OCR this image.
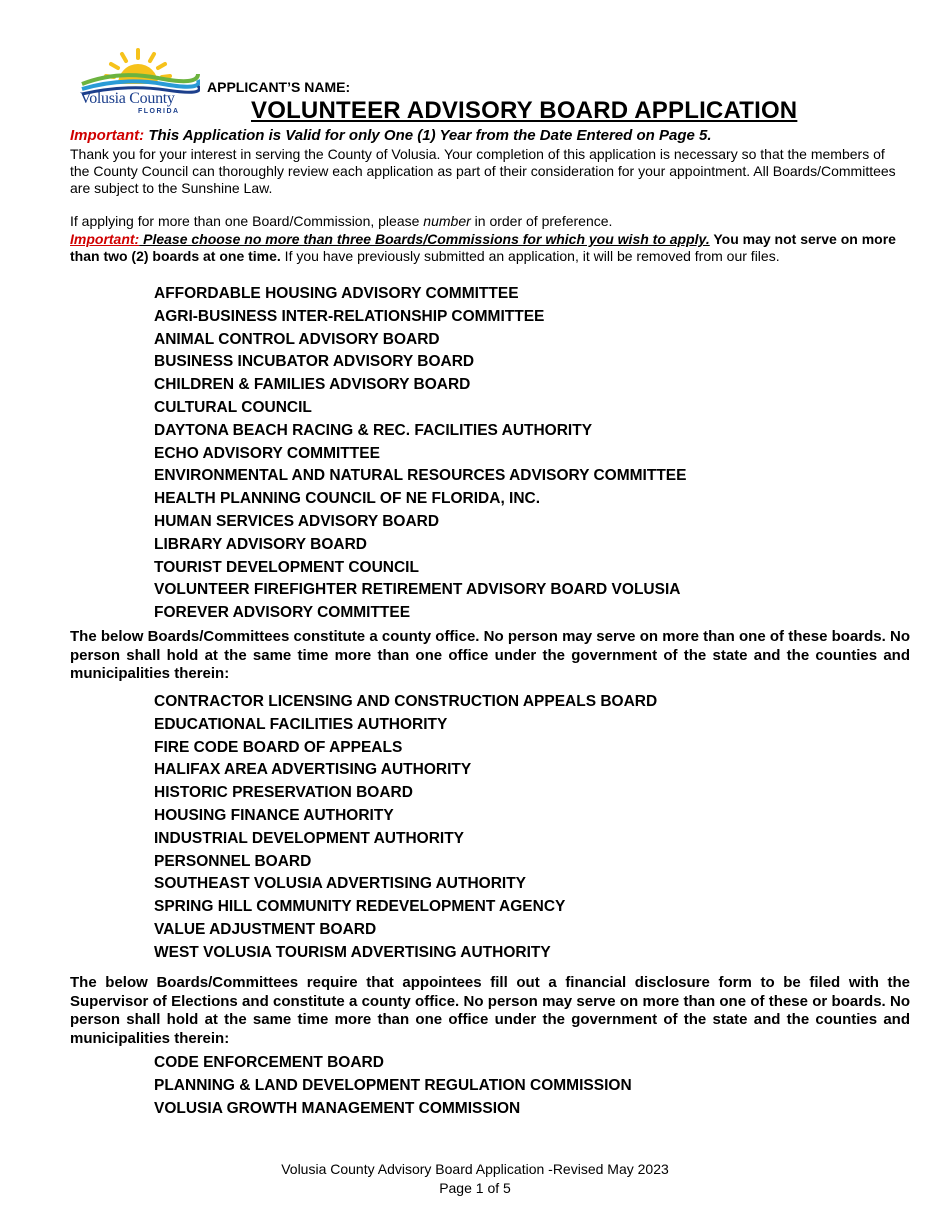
Volusia County
FLORIDA
APPLICANT’S NAME:
VOLUNTEER ADVISORY BOARD APPLICATION
Important: This Application is Valid for only One (1) Year from the Date Entered on Page 5.
Thank you for your interest in serving the County of Volusia. Your completion of this application is necessary so that the members of the County Council can thoroughly review each application as part of their consideration for your appointment. All Boards/Committees are subject to the Sunshine Law.
If applying for more than one Board/Commission, please number in order of preference.
Important: Please choose no more than three Boards/Commissions for which you wish to apply. You may not serve on more than two (2) boards at one time. If you have previously submitted an application, it will be removed from our files.
AFFORDABLE HOUSING ADVISORY COMMITTEE
AGRI-BUSINESS INTER-RELATIONSHIP COMMITTEE
ANIMAL CONTROL ADVISORY BOARD
BUSINESS INCUBATOR ADVISORY BOARD
CHILDREN & FAMILIES ADVISORY BOARD
CULTURAL COUNCIL
DAYTONA BEACH RACING & REC. FACILITIES AUTHORITY
ECHO ADVISORY COMMITTEE
ENVIRONMENTAL AND NATURAL RESOURCES ADVISORY COMMITTEE
HEALTH PLANNING COUNCIL OF NE FLORIDA, INC.
HUMAN SERVICES ADVISORY BOARD
LIBRARY ADVISORY BOARD
TOURIST DEVELOPMENT COUNCIL
VOLUNTEER FIREFIGHTER RETIREMENT ADVISORY BOARD VOLUSIA
FOREVER ADVISORY COMMITTEE
The below Boards/Committees constitute a county office. No person may serve on more than one of these boards. No person shall hold at the same time more than one office under the government of the state and the counties and municipalities therein:
CONTRACTOR LICENSING AND CONSTRUCTION APPEALS BOARD
EDUCATIONAL FACILITIES AUTHORITY
FIRE CODE BOARD OF APPEALS
HALIFAX AREA ADVERTISING AUTHORITY
HISTORIC PRESERVATION BOARD
HOUSING FINANCE AUTHORITY
INDUSTRIAL DEVELOPMENT AUTHORITY
PERSONNEL BOARD
SOUTHEAST VOLUSIA ADVERTISING AUTHORITY
SPRING HILL COMMUNITY REDEVELOPMENT AGENCY
VALUE ADJUSTMENT BOARD
WEST VOLUSIA TOURISM ADVERTISING AUTHORITY
The below Boards/Committees require that appointees fill out a financial disclosure form to be filed with the Supervisor of Elections and constitute a county office. No person may serve on more than one of these or boards. No person shall hold at the same time more than one office under the government of the state and the counties and municipalities therein:
CODE ENFORCEMENT BOARD
PLANNING & LAND DEVELOPMENT REGULATION COMMISSION
VOLUSIA GROWTH MANAGEMENT COMMISSION
Volusia County Advisory Board Application -Revised May 2023
Page 1 of 5
